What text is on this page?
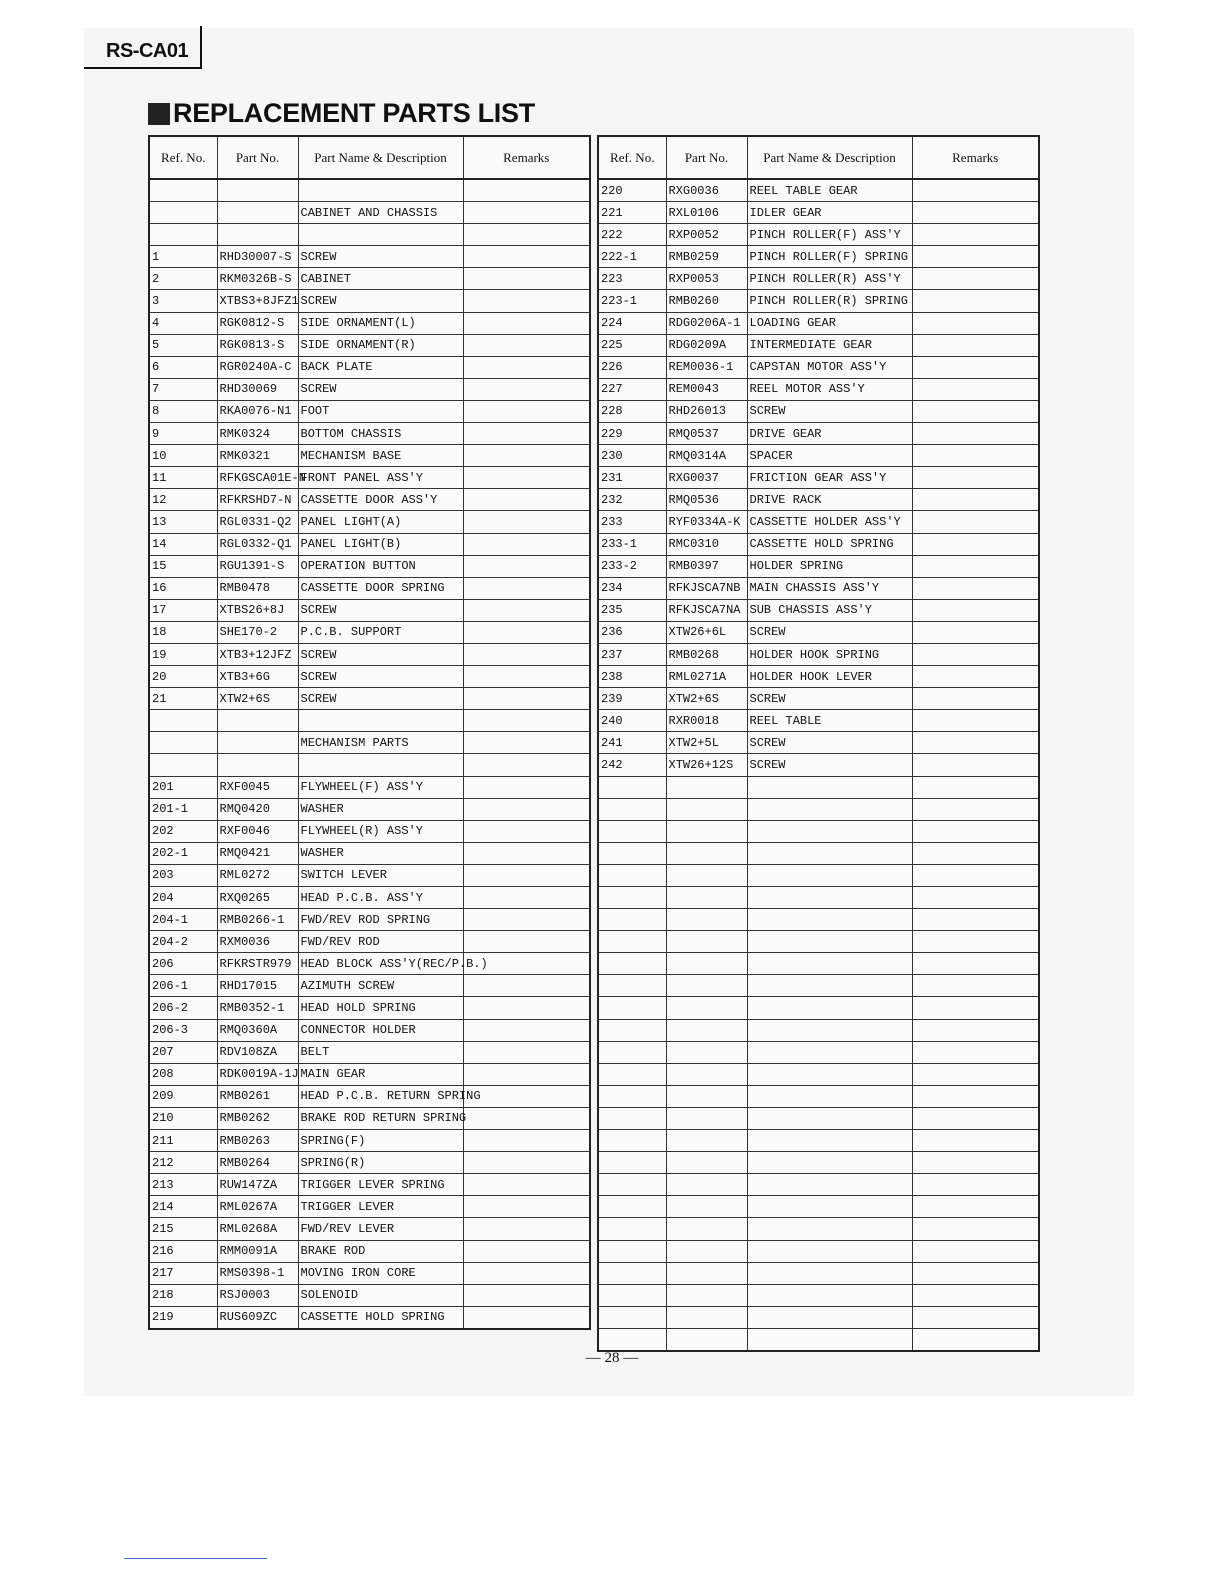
RS-CA01
REPLACEMENT PARTS LIST
Ref. No.	Part No.	Part Name & Description	Remarks

		CABINET AND CHASSIS	

1	RHD30007-S	SCREW	
2	RKM0326B-S	CABINET	
3	XTBS3+8JFZ1	SCREW	
4	RGK0812-S	SIDE ORNAMENT(L)	
5	RGK0813-S	SIDE ORNAMENT(R)	
6	RGR0240A-C	BACK PLATE	
7	RHD30069	SCREW	
8	RKA0076-N1	FOOT	
9	RMK0324	BOTTOM CHASSIS	
10	RMK0321	MECHANISM BASE	
11	RFKGSCA01E-N	FRONT PANEL ASS'Y	
12	RFKRSHD7-N	CASSETTE DOOR ASS'Y	
13	RGL0331-Q2	PANEL LIGHT(A)	
14	RGL0332-Q1	PANEL LIGHT(B)	
15	RGU1391-S	OPERATION BUTTON	
16	RMB0478	CASSETTE DOOR SPRING	
17	XTBS26+8J	SCREW	
18	SHE170-2	P.C.B. SUPPORT	
19	XTB3+12JFZ	SCREW	
20	XTB3+6G	SCREW	
21	XTW2+6S	SCREW	

		MECHANISM PARTS	

201	RXF0045	FLYWHEEL(F) ASS'Y	
201-1	RMQ0420	WASHER	
202	RXF0046	FLYWHEEL(R) ASS'Y	
202-1	RMQ0421	WASHER	
203	RML0272	SWITCH LEVER	
204	RXQ0265	HEAD P.C.B. ASS'Y	
204-1	RMB0266-1	FWD/REV ROD SPRING	
204-2	RXM0036	FWD/REV ROD	
206	RFKRSTR979	HEAD BLOCK ASS'Y(REC/P.B.)	
206-1	RHD17015	AZIMUTH SCREW	
206-2	RMB0352-1	HEAD HOLD SPRING	
206-3	RMQ0360A	CONNECTOR HOLDER	
207	RDV108ZA	BELT	
208	RDK0019A-1J	MAIN GEAR	
209	RMB0261	HEAD P.C.B. RETURN SPRING	
210	RMB0262	BRAKE ROD RETURN SPRING	
211	RMB0263	SPRING(F)	
212	RMB0264	SPRING(R)	
213	RUW147ZA	TRIGGER LEVER SPRING	
214	RML0267A	TRIGGER LEVER	
215	RML0268A	FWD/REV LEVER	
216	RMM0091A	BRAKE ROD	
217	RMS0398-1	MOVING IRON CORE	
218	RSJ0003	SOLENOID	
219	RUS609ZC	CASSETTE HOLD SPRING	
Ref. No.	Part No.	Part Name & Description	Remarks
220	RXG0036	REEL TABLE GEAR	
221	RXL0106	IDLER GEAR	
222	RXP0052	PINCH ROLLER(F) ASS'Y	
222-1	RMB0259	PINCH ROLLER(F) SPRING	
223	RXP0053	PINCH ROLLER(R) ASS'Y	
223-1	RMB0260	PINCH ROLLER(R) SPRING	
224	RDG0206A-1	LOADING GEAR	
225	RDG0209A	INTERMEDIATE GEAR	
226	REM0036-1	CAPSTAN MOTOR ASS'Y	
227	REM0043	REEL MOTOR ASS'Y	
228	RHD26013	SCREW	
229	RMQ0537	DRIVE GEAR	
230	RMQ0314A	SPACER	
231	RXG0037	FRICTION GEAR ASS'Y	
232	RMQ0536	DRIVE RACK	
233	RYF0334A-K	CASSETTE HOLDER ASS'Y	
233-1	RMC0310	CASSETTE HOLD SPRING	
233-2	RMB0397	HOLDER SPRING	
234	RFKJSCA7NB	MAIN CHASSIS ASS'Y	
235	RFKJSCA7NA	SUB CHASSIS ASS'Y	
236	XTW26+6L	SCREW	
237	RMB0268	HOLDER HOOK SPRING	
238	RML0271A	HOLDER HOOK LEVER	
239	XTW2+6S	SCREW	
240	RXR0018	REEL TABLE	
241	XTW2+5L	SCREW	
242	XTW26+12S	SCREW	

— 28 —
